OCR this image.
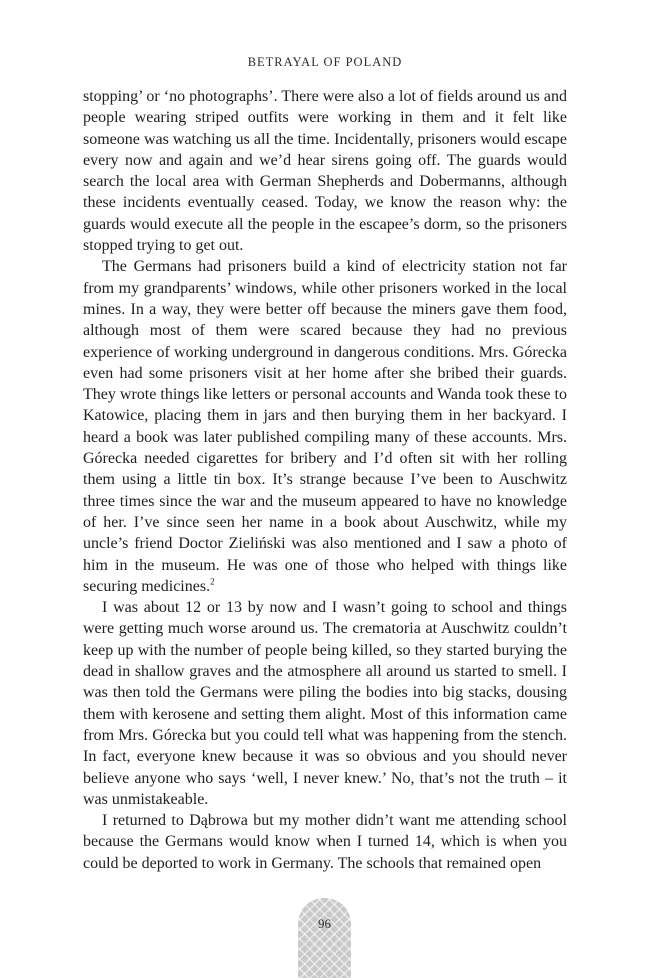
BETRAYAL OF POLAND

stopping’ or ‘no photographs’. There were also a lot of fields around us and people wearing striped outfits were working in them and it felt like someone was watching us all the time. Incidentally, prisoners would escape every now and again and we’d hear sirens going off. The guards would search the local area with German Shepherds and Dobermanns, although these incidents eventually ceased. Today, we know the reason why: the guards would execute all the people in the escapee’s dorm, so the prisoners stopped trying to get out.

The Germans had prisoners build a kind of electricity station not far from my grandparents’ windows, while other prisoners worked in the local mines. In a way, they were better off because the miners gave them food, although most of them were scared because they had no previous experience of working underground in dangerous conditions. Mrs. Górecka even had some prisoners visit at her home after she bribed their guards. They wrote things like letters or personal accounts and Wanda took these to Katowice, placing them in jars and then burying them in her backyard. I heard a book was later published compiling many of these accounts. Mrs. Górecka needed cigarettes for bribery and I’d often sit with her rolling them using a little tin box. It’s strange because I’ve been to Auschwitz three times since the war and the museum appeared to have no knowledge of her. I’ve since seen her name in a book about Auschwitz, while my uncle’s friend Doctor Zieliński was also mentioned and I saw a photo of him in the museum. He was one of those who helped with things like securing medicines.$^2$

I was about 12 or 13 by now and I wasn’t going to school and things were getting much worse around us. The crematoria at Auschwitz couldn’t keep up with the number of people being killed, so they started burying the dead in shallow graves and the atmosphere all around us started to smell. I was then told the Germans were piling the bodies into big stacks, dousing them with kerosene and setting them alight. Most of this information came from Mrs. Górecka but you could tell what was happening from the stench. In fact, everyone knew because it was so obvious and you should never believe anyone who says ‘well, I never knew.’ No, that’s not the truth – it was unmistakeable.

I returned to Dąbrowa but my mother didn’t want me attending school because the Germans would know when I turned 14, which is when you could be deported to work in Germany. The schools that remained open

96
